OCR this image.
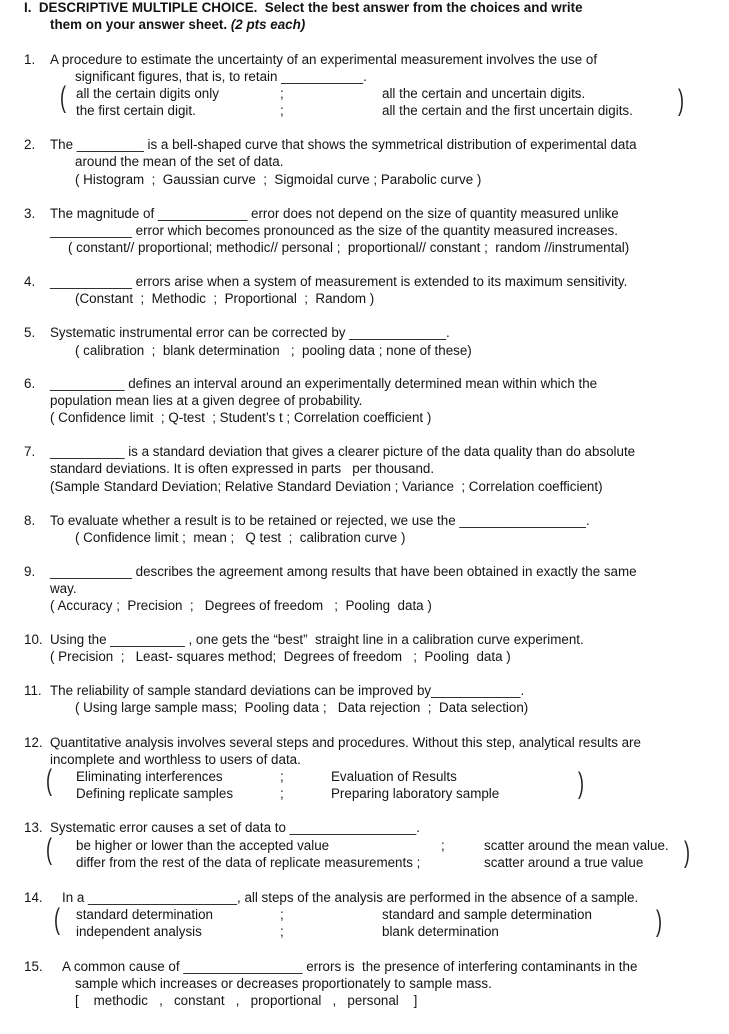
I.  DESCRIPTIVE MULTIPLE CHOICE.  Select the best answer from the choices and write
them on your answer sheet. (2 pts each)
1. A procedure to estimate the uncertainty of an experimental measurement involves the use of
significant figures, that is, to retain ___________.
( all the certain digits only	;	all the certain and uncertain digits.
the first certain digit.	;	all the certain and the first uncertain digits. )
2. The _________ is a bell-shaped curve that shows the symmetrical distribution of experimental data
around the mean of the set of data.
( Histogram  ;  Gaussian curve  ;  Sigmoidal curve ; Parabolic curve )
3. The magnitude of ____________ error does not depend on the size of quantity measured unlike
___________ error which becomes pronounced as the size of the quantity measured increases.
( constant// proportional; methodic// personal ;  proportional// constant ;  random //instrumental)
4. ___________ errors arise when a system of measurement is extended to its maximum sensitivity.
(Constant  ;  Methodic  ;  Proportional  ;  Random )
5. Systematic instrumental error can be corrected by _____________.
( calibration  ;  blank determination   ;  pooling data ; none of these)
6. __________ defines an interval around an experimentally determined mean within which the
population mean lies at a given degree of probability.
( Confidence limit  ; Q-test  ; Student’s t ; Correlation coefficient )
7. __________ is a standard deviation that gives a clearer picture of the data quality than do absolute
standard deviations. It is often expressed in parts   per thousand.
(Sample Standard Deviation; Relative Standard Deviation ; Variance  ; Correlation coefficient)
8. To evaluate whether a result is to be retained or rejected, we use the _________________.
( Confidence limit ;  mean ;   Q test  ;  calibration curve )
9. ___________ describes the agreement among results that have been obtained in exactly the same
way.
( Accuracy ;  Precision  ;   Degrees of freedom   ;  Pooling  data )
10. Using the __________ , one gets the “best”  straight line in a calibration curve experiment.
( Precision  ;   Least- squares method;  Degrees of freedom   ;  Pooling  data )
11. The reliability of sample standard deviations can be improved by____________.
( Using large sample mass;  Pooling data ;   Data rejection  ;  Data selection)
12. Quantitative analysis involves several steps and procedures. Without this step, analytical results are
incomplete and worthless to users of data.
( Eliminating interferences	;	Evaluation of Results
Defining replicate samples	;	Preparing laboratory sample	)
13. Systematic error causes a set of data to _________________.
( be higher or lower than the accepted value	;	scatter around the mean value.
differ from the rest of the data of replicate measurements ;	scatter around a true value )
14. In a ____________________, all steps of the analysis are performed in the absence of a sample.
( standard determination	;	standard and sample determination
independent analysis	;	blank determination	)
15. A common cause of ________________ errors is  the presence of interfering contaminants in the
sample which increases or decreases proportionately to sample mass.
[    methodic   ,   constant   ,   proportional   ,   personal    ]
